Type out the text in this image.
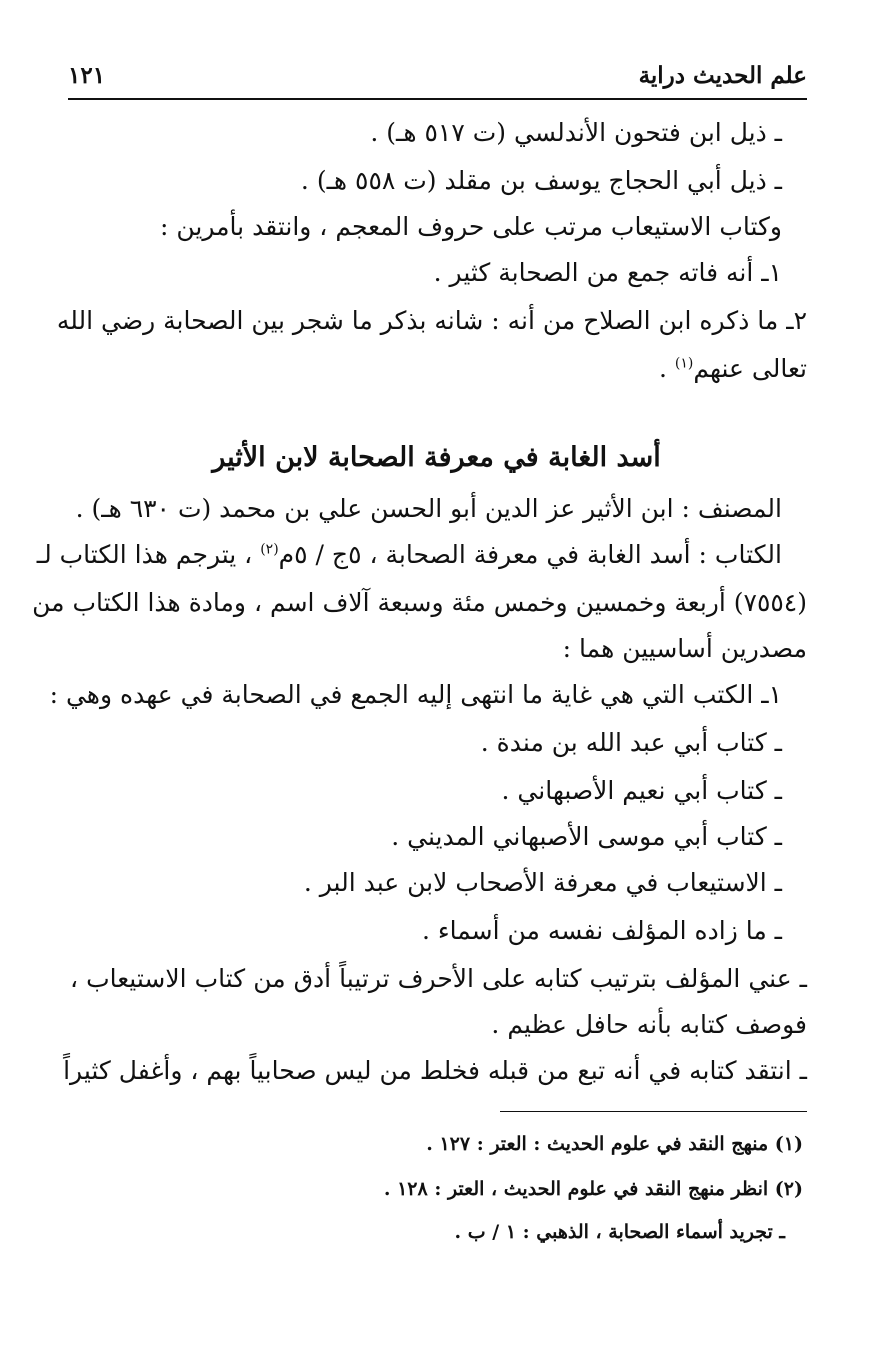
علم الحديث دراية
١٢١
ـ ذيل ابن فتحون الأندلسي (ت ٥١٧ هـ) .
ـ ذيل أبي الحجاج يوسف بن مقلد (ت ٥٥٨ هـ) .
وكتاب الاستيعاب مرتب على حروف المعجم ، وانتقد بأمرين :
١ـ أنه فاته جمع من الصحابة كثير .
٢ـ ما ذكره ابن الصلاح من أنه : شانه بذكر ما شجر بين الصحابة رضي الله
تعالى عنهم$^{(١)}$ .
أسد الغابة في معرفة الصحابة لابن الأثير
المصنف : ابن الأثير عز الدين أبو الحسن علي بن محمد (ت ٦٣٠ هـ) .
الكتاب : أسد الغابة في معرفة الصحابة ، ٥ج / ٥م$^{(٢)}$ ، يترجم هذا الكتاب لـ
(٧٥٥٤) أربعة وخمسين وخمس مئة وسبعة آلاف اسم ، ومادة هذا الكتاب من
مصدرين أساسيين هما :
١ـ الكتب التي هي غاية ما انتهى إليه الجمع في الصحابة في عهده وهي :
ـ كتاب أبي عبد الله بن مندة .
ـ كتاب أبي نعيم الأصبهاني .
ـ كتاب أبي موسى الأصبهاني المديني .
ـ الاستيعاب في معرفة الأصحاب لابن عبد البر .
ـ ما زاده المؤلف نفسه من أسماء .
ـ عني المؤلف بترتيب كتابه على الأحرف ترتيباً أدق من كتاب الاستيعاب ،
فوصف كتابه بأنه حافل عظيم .
ـ انتقد كتابه في أنه تبع من قبله فخلط من ليس صحابياً بهم ، وأغفل كثيراً
(١) منهج النقد في علوم الحديث : العتر : ١٢٧ .
(٢) انظر منهج النقد في علوم الحديث ، العتر : ١٢٨ .
ـ تجريد أسماء الصحابة ، الذهبي : ١ / ب .
